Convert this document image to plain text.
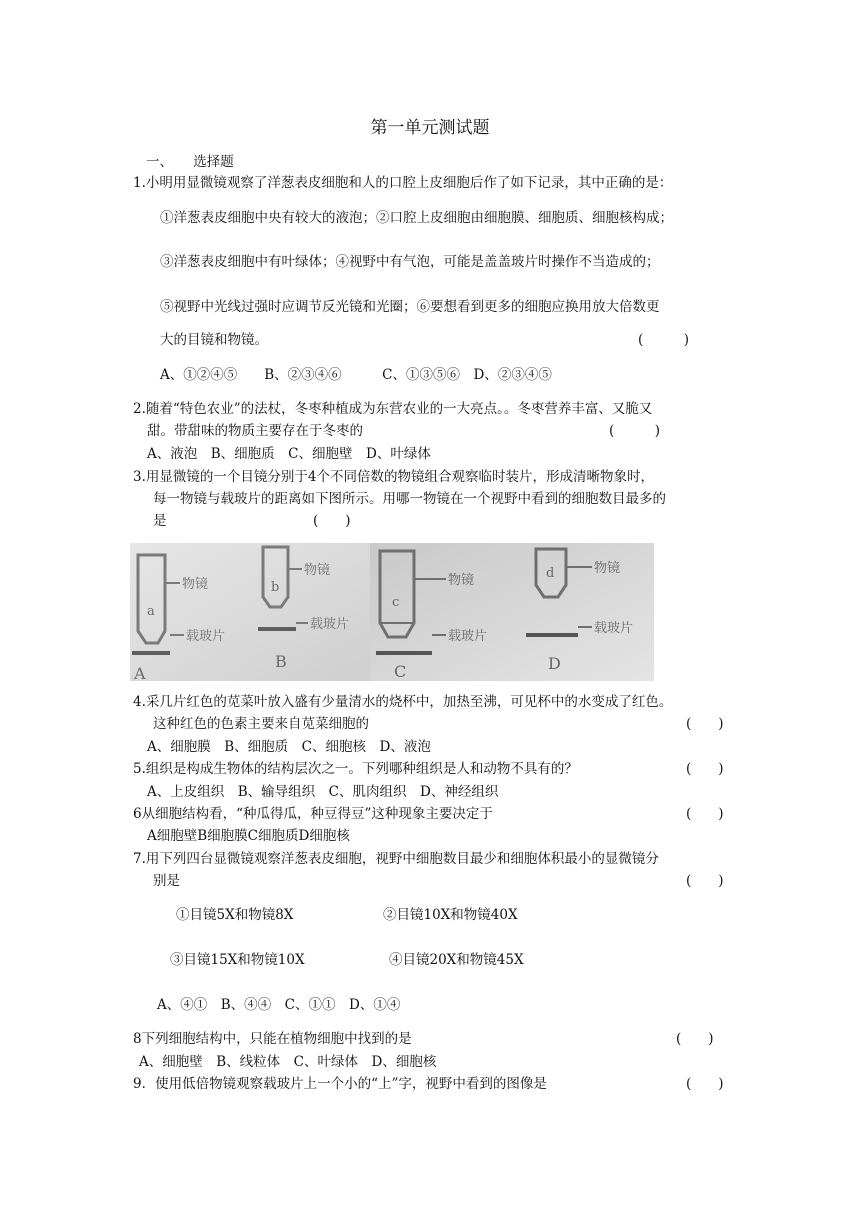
第一单元测试题
一、　　选择题
1.小明用显微镜观察了洋葱表皮细胞和人的口腔上皮细胞后作了如下记录，其中正确的是：
①洋葱表皮细胞中央有较大的液泡；②口腔上皮细胞由细胞膜、细胞质、细胞核构成；
③洋葱表皮细胞中有叶绿体；④视野中有气泡，可能是盖盖玻片时操作不当造成的；
⑤视野中光线过强时应调节反光镜和光圈；⑥要想看到更多的细胞应换用放大倍数更
大的目镜和物镜。	(　　　)
A、①②④⑤　　B、②③④⑥　　　C、①③⑤⑥　D、②③④⑤
2.随着“特色农业”的法杖，冬枣种植成为东营农业的一大亮点。。冬枣营养丰富、又脆又
甜。带甜味的物质主要存在于冬枣的	(　　　)
A、液泡　B、细胞质　C、细胞壁　D、叶绿体
3.用显微镜的一个目镜分别于4个不同倍数的物镜组合观察临时装片，形成清晰物象时，
每一物镜与载玻片的距离如下图所示。用哪一物镜在一个视野中看到的细胞数目最多的
是	(　　)
a
物镜
载玻片
A
b
物镜
载玻片
B
c
物镜
载玻片
C
d	物镜
载玻片
D
4.采几片红色的苋菜叶放入盛有少量清水的烧杯中，加热至沸，可见杯中的水变成了红色。
这种红色的色素主要来自苋菜细胞的	(　　)
A、细胞膜　B、细胞质　C、细胞核　D、液泡
5.组织是构成生物体的结构层次之一。下列哪种组织是人和动物不具有的？	(　　)
A、上皮组织　B、输导组织　C、肌肉组织　D、神经组织
6从细胞结构看，“种瓜得瓜，种豆得豆”这种现象主要决定于	(　　)
A细胞壁B细胞膜C细胞质D细胞核
7.用下列四台显微镜观察洋葱表皮细胞，视野中细胞数目最少和细胞体积最小的显微镜分
别是	(　　)
①目镜5X和物镜8X	②目镜10X和物镜40X
③目镜15X和物镜10X	④目镜20X和物镜45X
A、④①　B、④④　C、①①　D、①④
8下列细胞结构中，只能在植物细胞中找到的是	(　　)
A、细胞壁　B、线粒体　C、叶绿体　D、细胞核
9．使用低倍物镜观察载玻片上一个小的“上”字，视野中看到的图像是	(　　)
